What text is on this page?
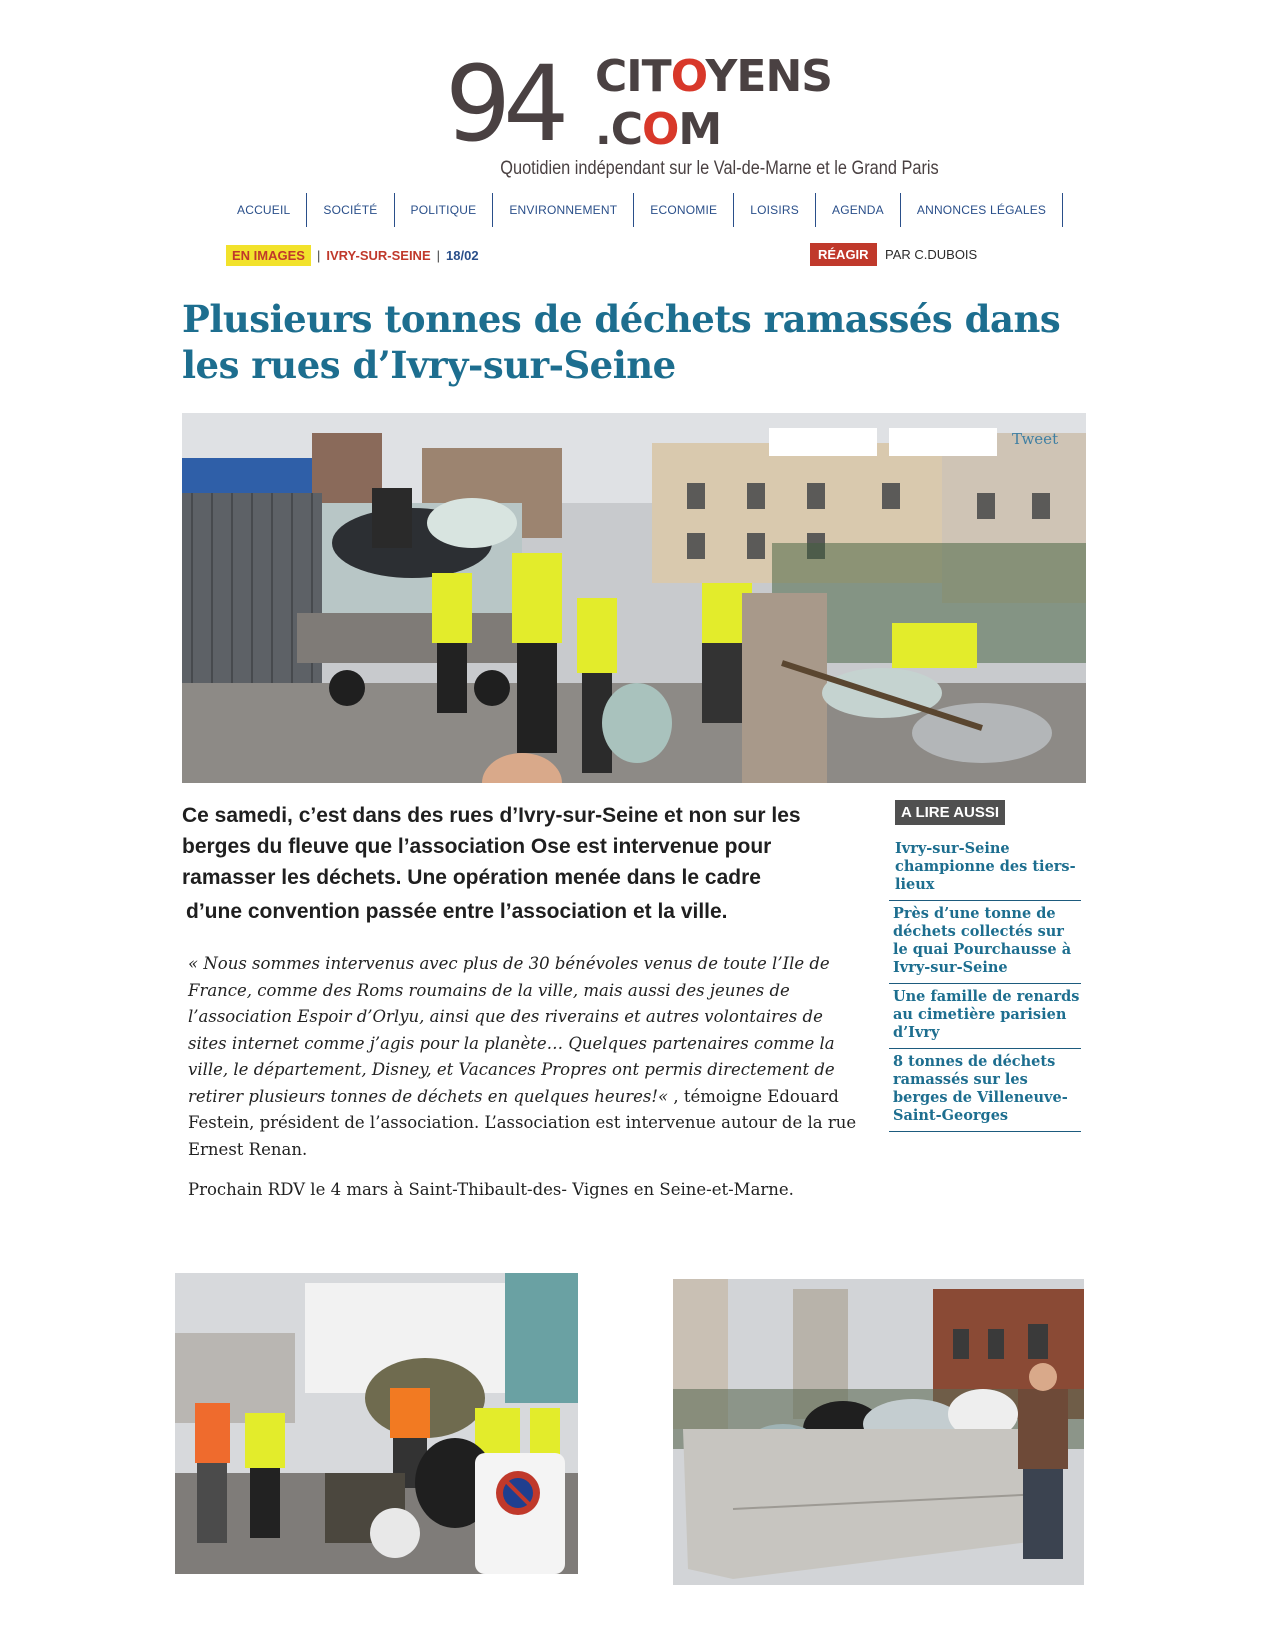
94 CITOYENS
.COM
Quotidien indépendant sur le Val-de-Marne et le Grand Paris
ACCUEIL	SOCIÉTÉ	POLITIQUE	ENVIRONNEMENT	ECONOMIE	LOISIRS	AGENDA	ANNONCES LÉGALES
EN IMAGES | IVRY-SUR-SEINE | 18/02	RÉAGIR	PAR C.DUBOIS
Plusieurs tonnes de déchets ramassés dans les rues d’Ivry-sur-Seine
Tweet

Ce samedi, c’est dans des rues d’Ivry-sur-Seine et non sur les berges du fleuve que l’association Ose est intervenue pour ramasser les déchets. Une opération menée dans le cadre

d’une convention passée entre l’association et la ville.

« Nous sommes intervenus avec plus de 30 bénévoles venus de toute l’Ile de France, comme des Roms roumains de la ville, mais aussi des jeunes de l’association Espoir d’Orlyu, ainsi que des riverains et autres volontaires de sites internet comme j’agis pour la planète… Quelques partenaires comme la ville, le département, Disney, et Vacances Propres ont permis directement de retirer plusieurs tonnes de déchets en quelques heures!« , témoigne Edouard Festein, président de l’association. L’association est intervenue autour de la rue Ernest Renan.

Prochain RDV le 4 mars à Saint-Thibault-des- Vignes en Seine-et-Marne.

A LIRE AUSSI
Ivry-sur-Seine championne des tiers-lieux
Près d’une tonne de déchets collectés sur le quai Pourchausse à Ivry-sur-Seine
Une famille de renards au cimetière parisien d’Ivry
8 tonnes de déchets ramassés sur les berges de Villeneuve-Saint-Georges
